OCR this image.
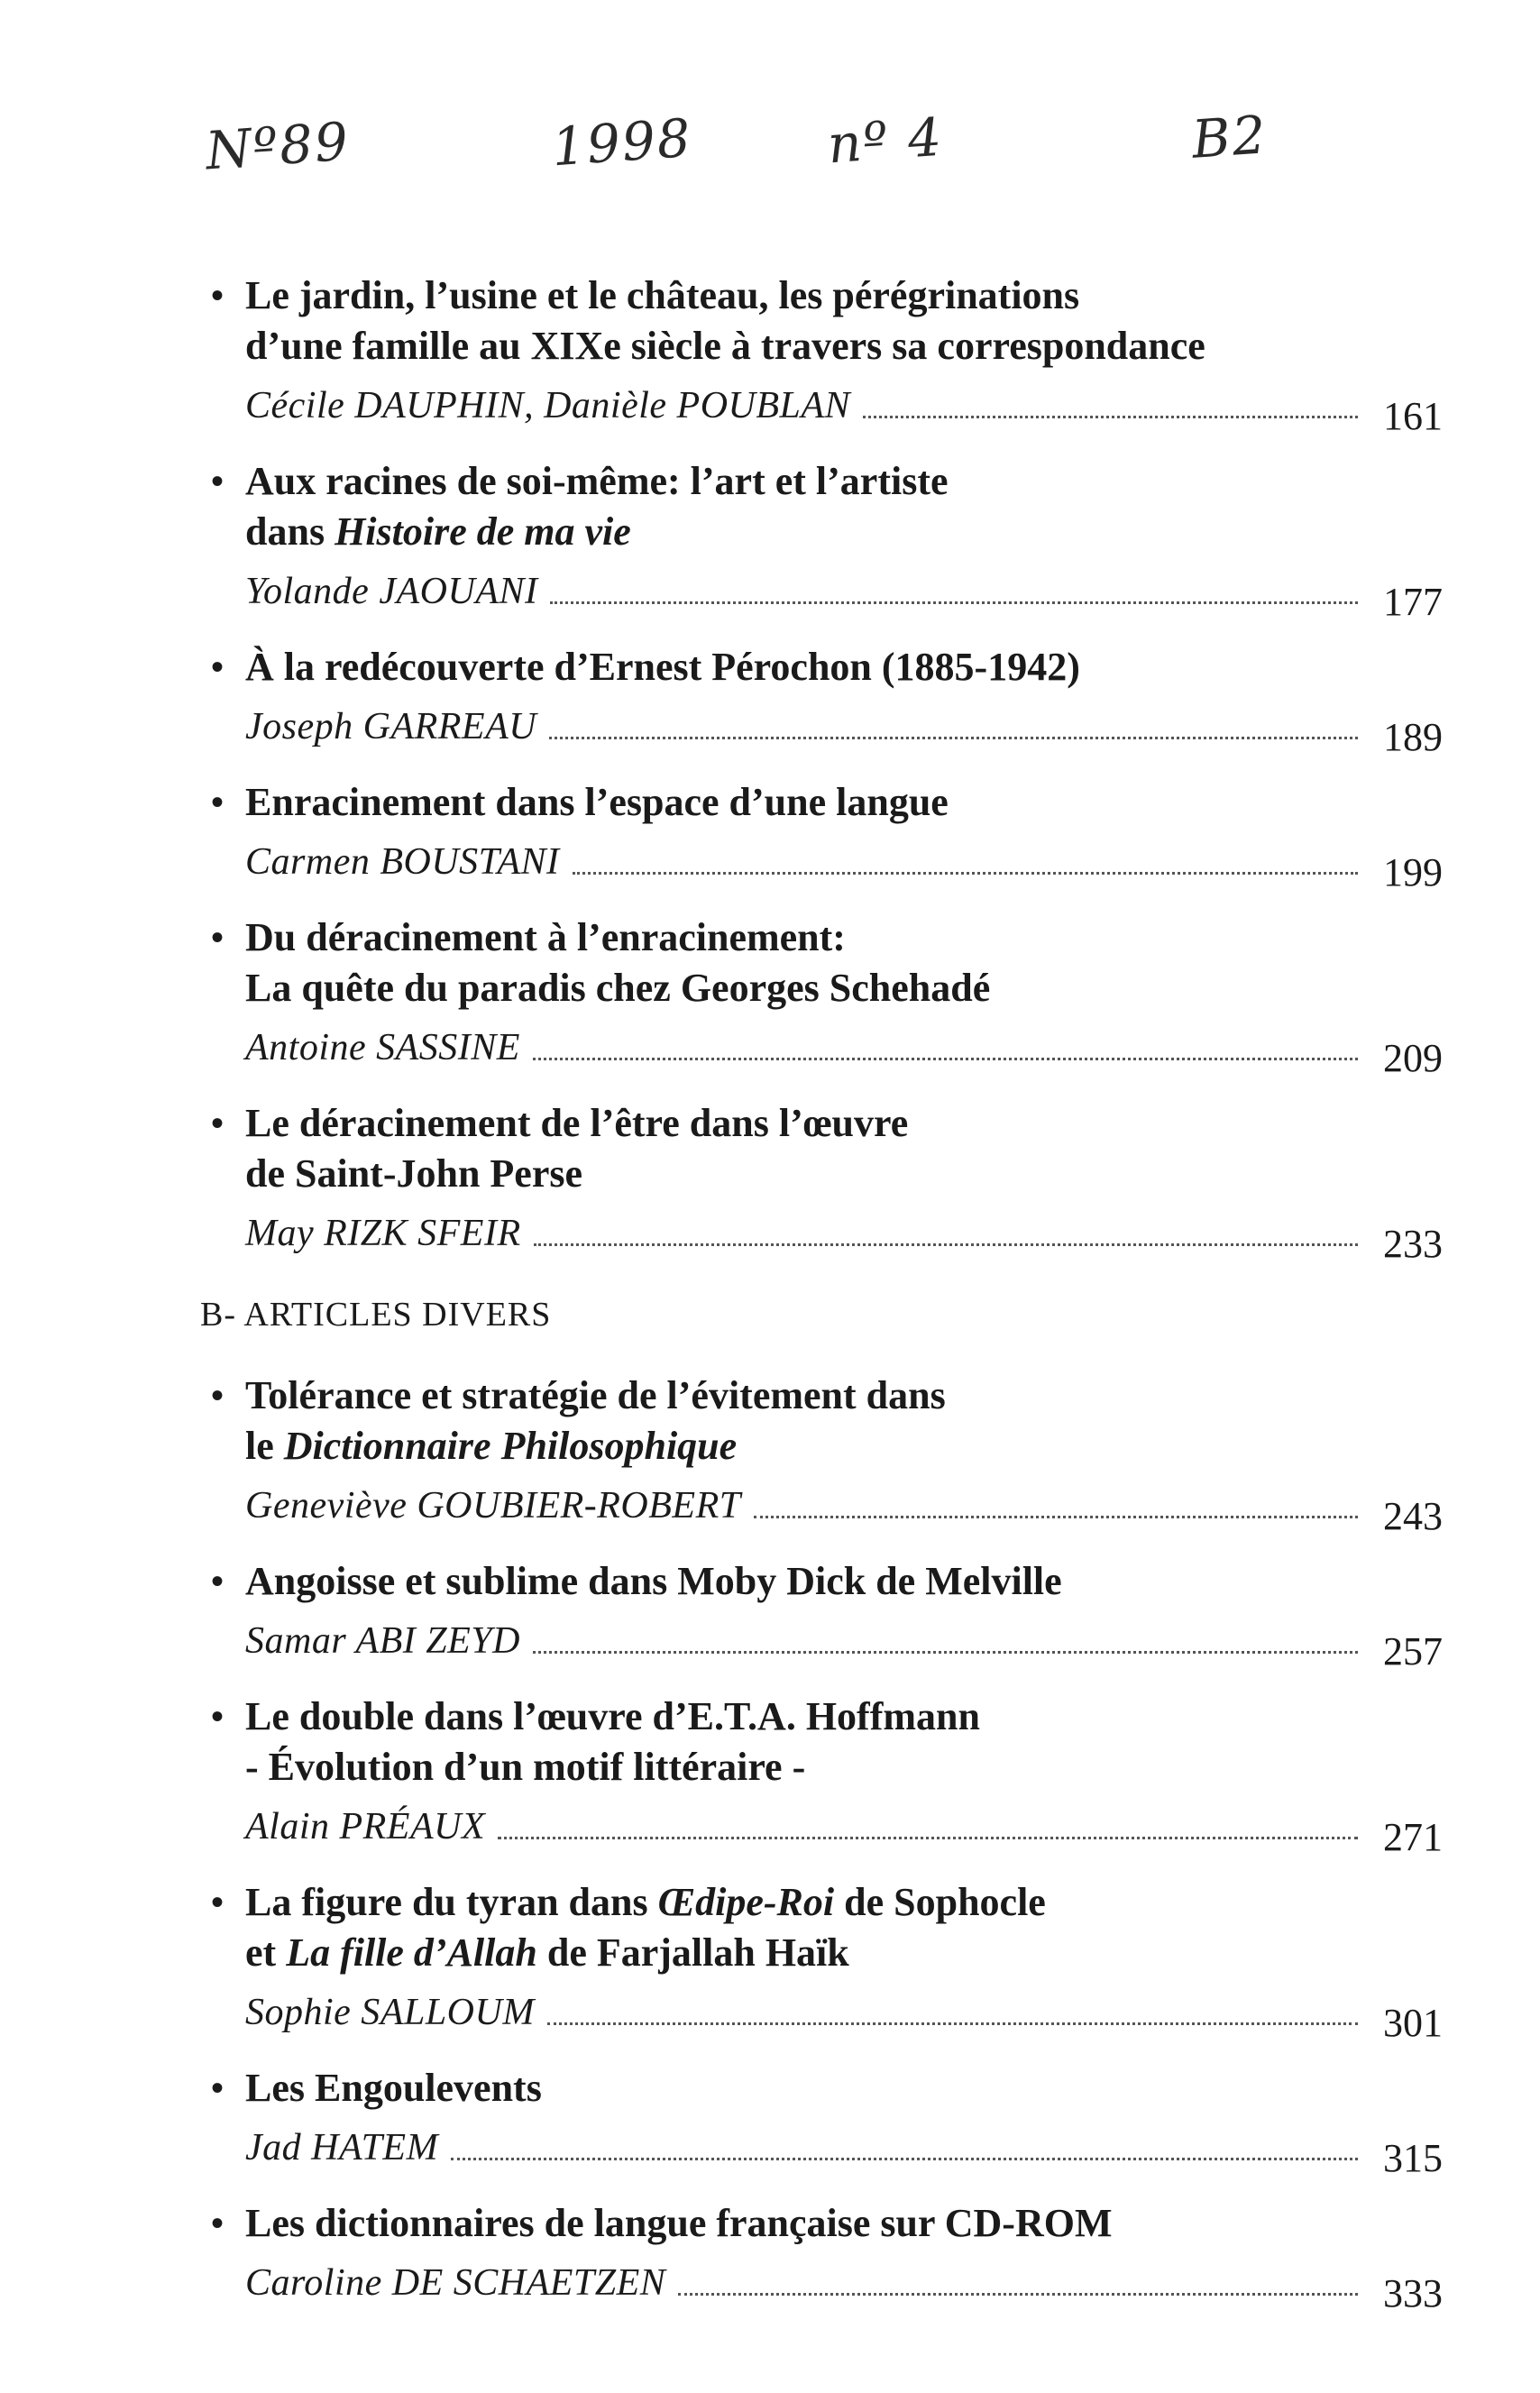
Nº89	1998	nº 4	B2
• Le jardin, l’usine et le château, les pérégrinations
d’une famille au XIXe siècle à travers sa correspondance
Cécile DAUPHIN, Danièle POUBLAN	161
• Aux racines de soi-même: l’art et l’artiste
dans Histoire de ma vie
Yolande JAOUANI	177
• À la redécouverte d’Ernest Pérochon (1885-1942)
Joseph GARREAU	189
• Enracinement dans l’espace d’une langue
Carmen BOUSTANI	199
• Du déracinement à l’enracinement:
La quête du paradis chez Georges Schehadé
Antoine SASSINE	209
• Le déracinement de l’être dans l’œuvre
de Saint-John Perse
May RIZK SFEIR	233
B- ARTICLES DIVERS
• Tolérance et stratégie de l’évitement dans
le Dictionnaire Philosophique
Geneviève GOUBIER-ROBERT	243
• Angoisse et sublime dans Moby Dick de Melville
Samar ABI ZEYD	257
• Le double dans l’œuvre d’E.T.A. Hoffmann
- Évolution d’un motif littéraire -
Alain PRÉAUX	271
• La figure du tyran dans Œdipe-Roi de Sophocle
et La fille d’Allah de Farjallah Haïk
Sophie SALLOUM	301
• Les Engoulevents
Jad HATEM	315
• Les dictionnaires de langue française sur CD-ROM
Caroline DE SCHAETZEN	333
